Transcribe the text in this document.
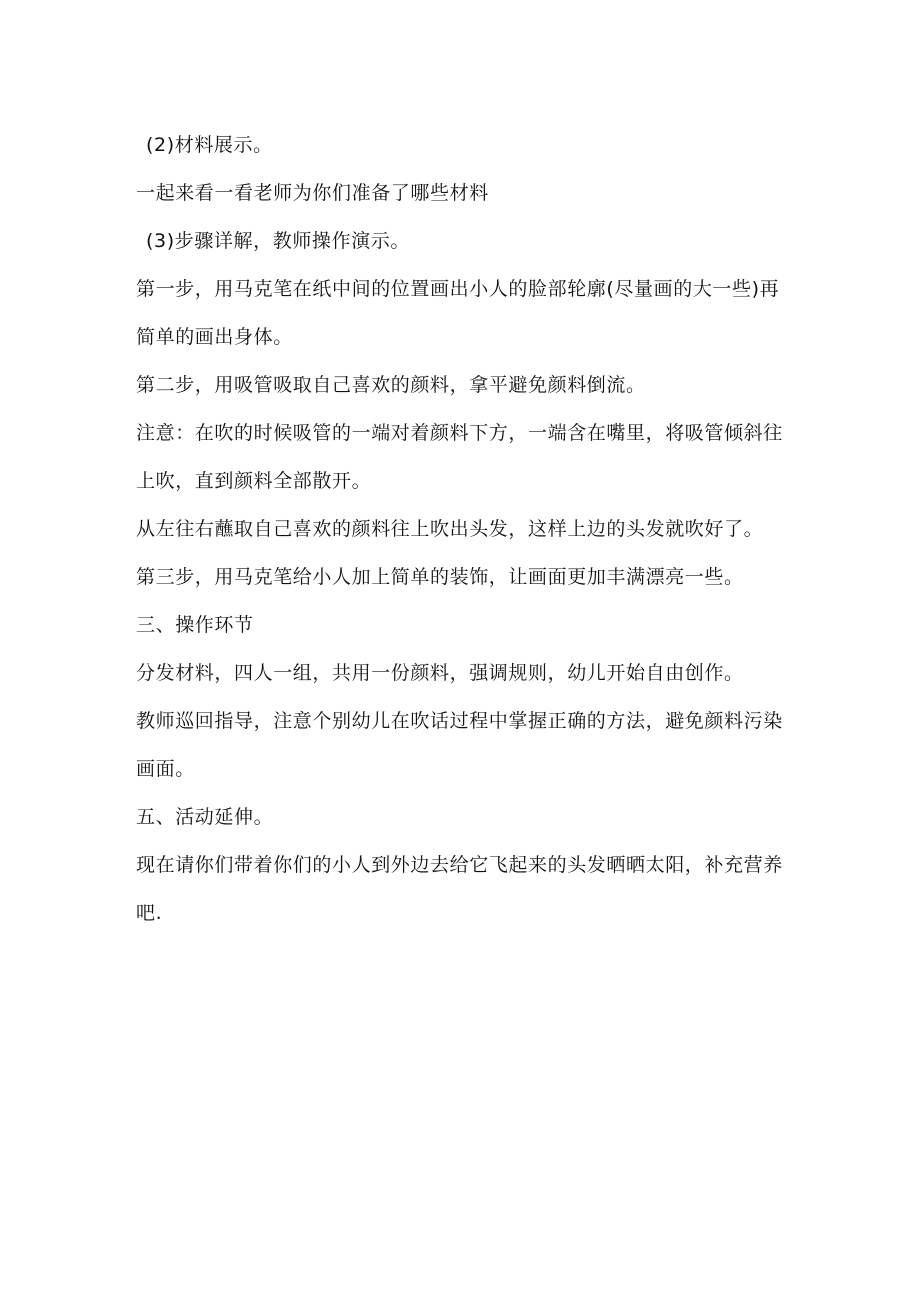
(2)材料展示。

一起来看一看老师为你们准备了哪些材料

(3)步骤详解，教师操作演示。

第一步，用马克笔在纸中间的位置画出小人的脸部轮廓(尽量画的大一些)再简单的画出身体。

第二步，用吸管吸取自己喜欢的颜料，拿平避免颜料倒流。

注意：在吹的时候吸管的一端对着颜料下方，一端含在嘴里，将吸管倾斜往上吹，直到颜料全部散开。

从左往右蘸取自己喜欢的颜料往上吹出头发，这样上边的头发就吹好了。

第三步，用马克笔给小人加上简单的装饰，让画面更加丰满漂亮一些。

三、操作环节

分发材料，四人一组，共用一份颜料，强调规则，幼儿开始自由创作。

教师巡回指导，注意个别幼儿在吹话过程中掌握正确的方法，避免颜料污染画面。

五、活动延伸。

现在请你们带着你们的小人到外边去给它飞起来的头发晒晒太阳，补充营养吧.
